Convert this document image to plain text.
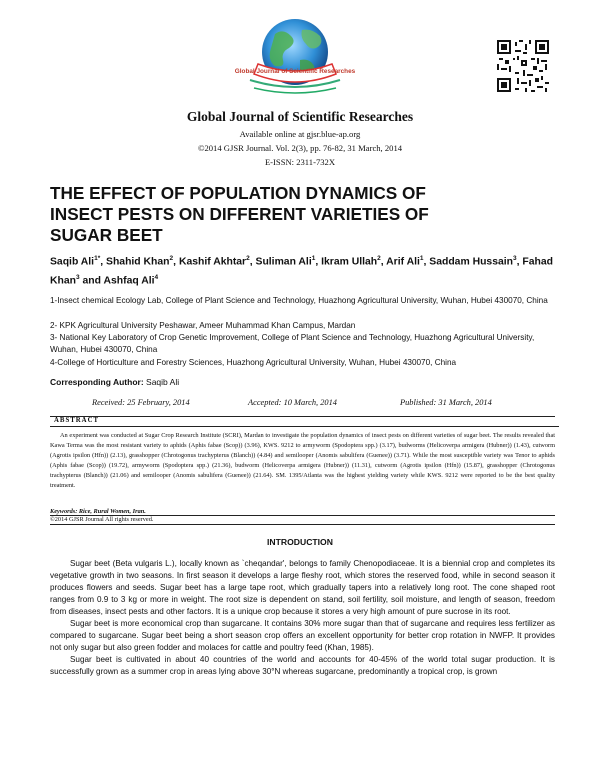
Global Journal of Scientific Researches
Global Journal of Scientific Researches
Available online at gjsr.blue-ap.org
©2014 GJSR Journal. Vol. 2(3), pp. 76-82, 31 March, 2014
E-ISSN: 2311-732X
THE EFFECT OF POPULATION DYNAMICS OF
INSECT PESTS ON DIFFERENT VARIETIES OF
SUGAR BEET
Saqib Ali$^{1*}$, Shahid Khan$^2$, Kashif Akhtar$^2$, Suliman Ali$^1$, Ikram Ullah$^2$, Arif Ali$^1$, Saddam Hussain$^3$, Fahad Khan$^3$ and Ashfaq Ali$^4$
1-Insect chemical Ecology Lab, College of Plant Science and Technology, Huazhong Agricultural University, Wuhan, Hubei 430070, China
2- KPK Agricultural University Peshawar, Ameer Muhammad Khan Campus, Mardan
3- National Key Laboratory of Crop Genetic Improvement, College of Plant Science and Technology, Huazhong Agricultural University, Wuhan, Hubei 430070, China
4-College of Horticulture and Forestry Sciences, Huazhong Agricultural University, Wuhan, Hubei 430070, China
Corresponding Author: Saqib Ali
Received: 25 February, 2014	Accepted: 10 March, 2014	Published: 31 March, 2014
ABSTRACT
An experiment was conducted at Sugar Crop Research Institute (SCRI), Mardan to investigate the population dynamics of insect pests on different varieties of sugar beet. The results revealed that Kawa Terma was the most resistant variety to aphids (Aphis fabae (Scop)) (3.96), KWS. 9212 to armyworm (Spodoptera spp.) (3.17), budworms (Helicoverpa armigera (Hubner)) (1.43), cutworm (Agrotis ipsilon (Hfn)) (2.13), grasshopper (Chrotogonus trachypterus (Blanch)) (4.84) and semilooper (Anomis sabulifera (Guenee)) (3.71). While the most susceptible variety was Tenor to aphids (Aphis fabae (Scop)) (19.72), armyworm (Spodoptera spp.) (21.36), budworm (Helicoverpa armigera (Hubner)) (11.31), cutworm (Agrotis ipsilon (Hfn)) (15.87), grasshopper (Chrotogonus trachypterus (Blanch)) (21.06) and semilooper (Anomis sabulifera (Guenee)) (21.64). SM. 1395/Atlanta was the highest yielding variety while KWS. 9212 were reported to be the best quality treatment.
Keywords: Rice, Rural Women, Iran.
©2014 GJSR Journal All rights reserved.
INTRODUCTION

Sugar beet (Beta vulgaris L.), locally known as `cheqandar', belongs to family Chenopodiaceae. It is a biennial crop and completes its vegetative growth in two seasons. In first season it develops a large fleshy root, which stores the reserved food, while in second season it produces flowers and seeds. Sugar beet has a large tape root, which gradually tapers into a relatively long root. The cone shaped root ranges from 0.9 to 3 kg or more in weight. The root size is dependent on stand, soil fertility, soil moisture, and length of season, freedom from diseases, insect pests and other factors. It is a unique crop because it stores a very high amount of pure sucrose in its root.

Sugar beet is more economical crop than sugarcane. It contains 30% more sugar than that of sugarcane and requires less fertilizer as compared to sugarcane. Sugar beet being a short season crop offers an excellent opportunity for better crop rotation in NWFP. It provides not only sugar but also green fodder and molaces for cattle and poultry feed (Khan, 1985).

Sugar beet is cultivated in about 40 countries of the world and accounts for 40-45% of the world total sugar production. It is successfully grown as a summer crop in areas lying above 30°N whereas sugarcane, predominantly a tropical crop, is grown
